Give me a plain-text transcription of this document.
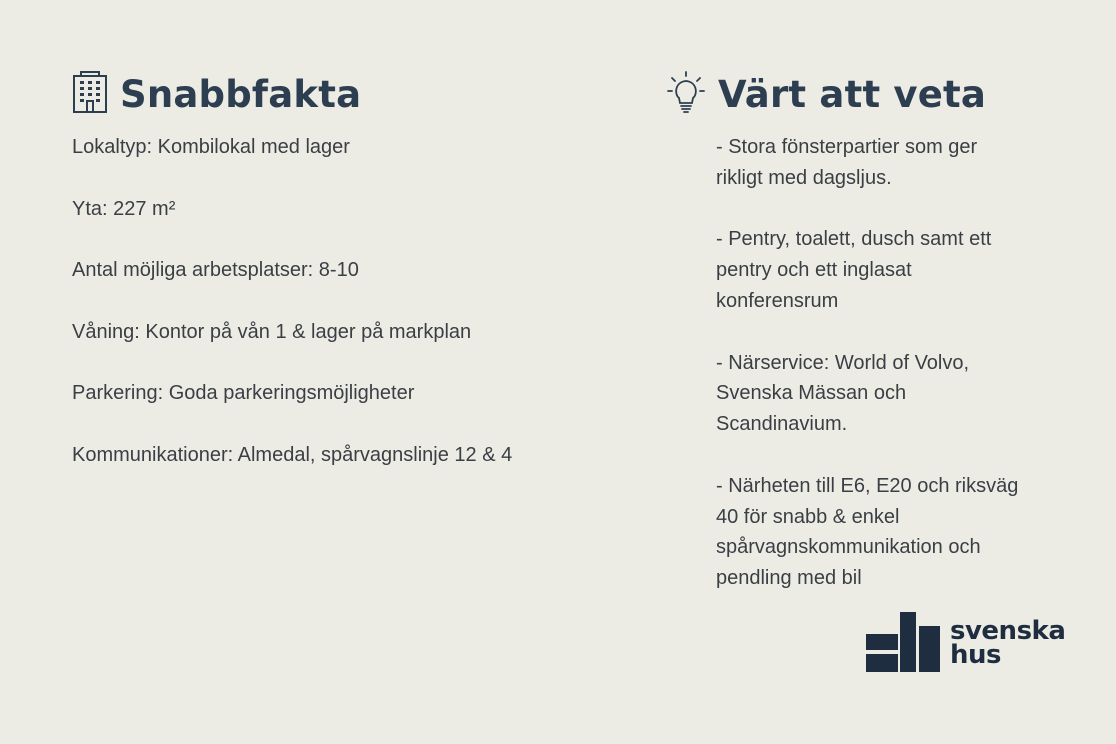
Snabbfakta
Lokaltyp: Kombilokal med lager
Yta: 227 m²
Antal möjliga arbetsplatser: 8-10
Våning: Kontor på vån 1 & lager på markplan
Parkering: Goda parkeringsmöjligheter
Kommunikationer: Almedal, spårvagnslinje 12 & 4
Värt att veta
- Stora fönsterpartier som ger rikligt med dagsljus.
- Pentry, toalett, dusch samt ett pentry och ett inglasat konferensrum
- Närservice: World of Volvo, Svenska Mässan och Scandinavium.
- Närheten till E6, E20 och riksväg 40 för snabb & enkel spårvagnskommunikation och pendling med bil
svenska
hus
